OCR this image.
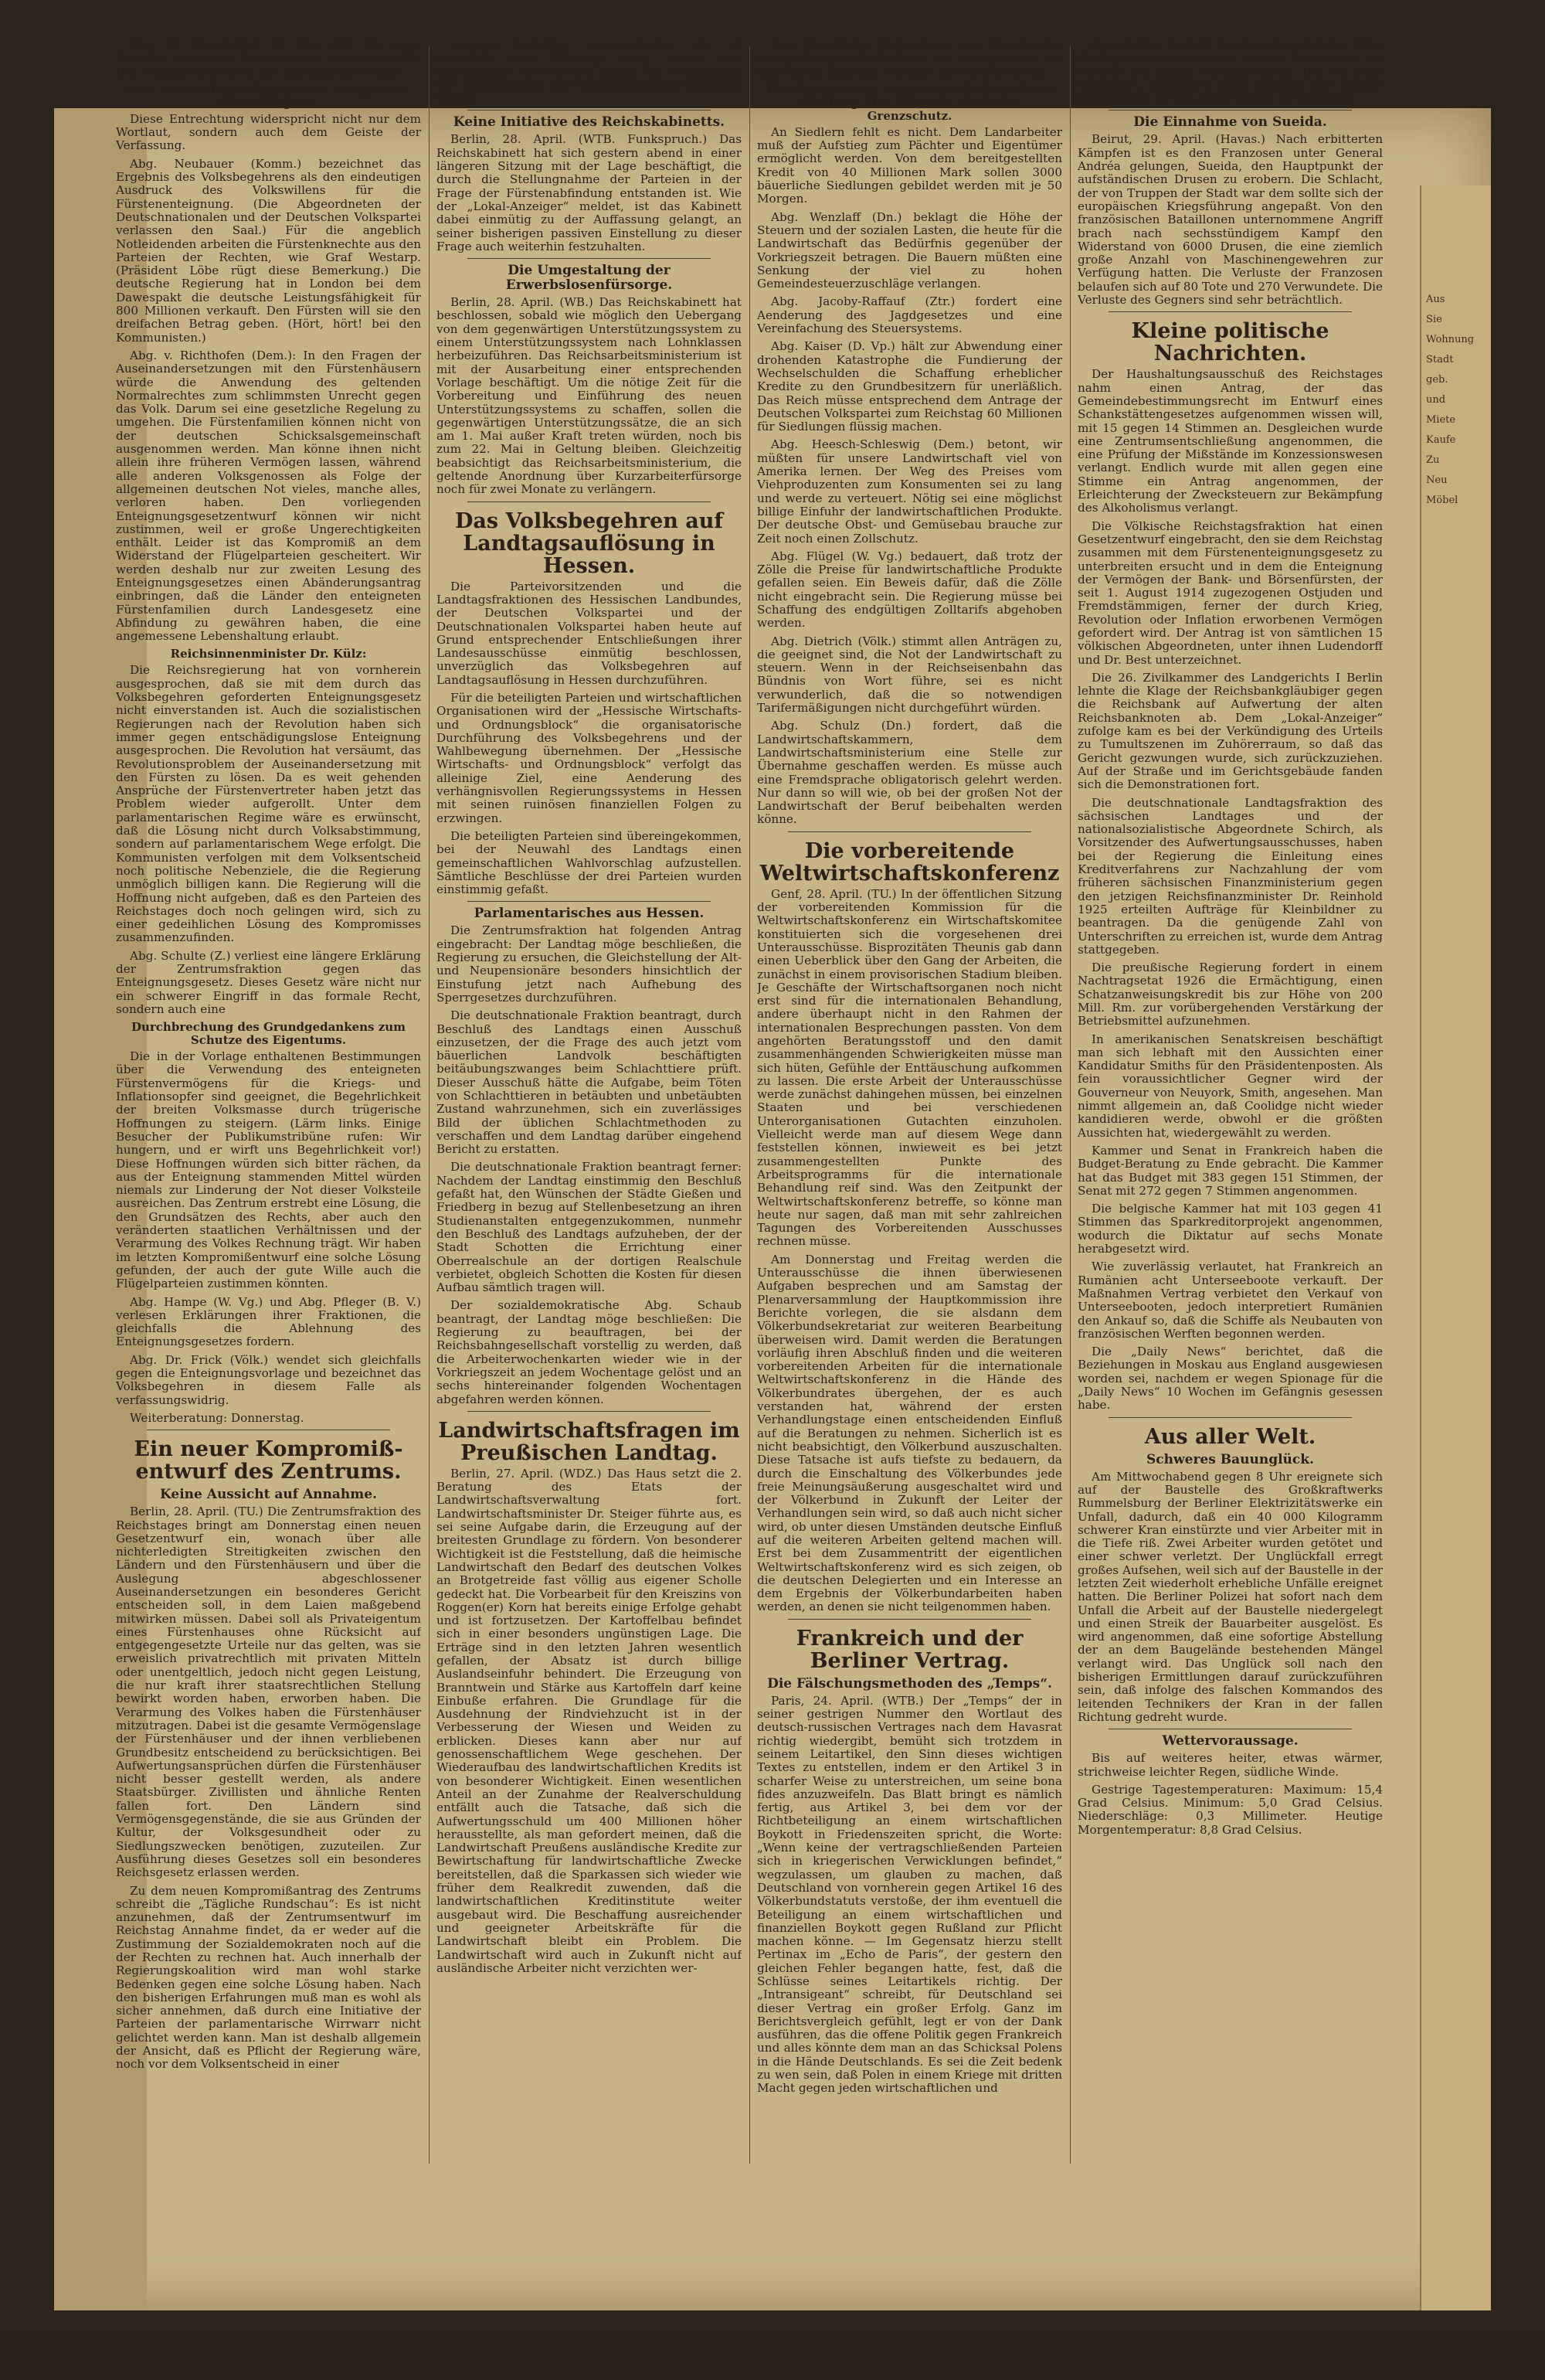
Aus
Sie
Wohnung
Stadt
geb.
und
Miete
Kaufe
Zu
Neu
Möbel

Abg. Dr. Wunderlich (D. Vp.) gibt für seine Fraktion eine kurze Erklärung ab, in der es heißt: Die Volkspartei sieht in der Entrignungsvorlage

eine brutale Entrechtung einer Gruppe von Staatsbürgern.

Diese Entrechtung widerspricht nicht nur dem Wortlaut, sondern auch dem Geiste der Verfassung.

Abg. Neubauer (Komm.) bezeichnet das Ergebnis des Volksbegehrens als den eindeutigen Ausdruck des Volkswillens für die Fürstenenteignung. (Die Abgeordneten der Deutschnationalen und der Deutschen Volkspartei verlassen den Saal.) Für die angeblich Notleidenden arbeiten die Fürstenknechte aus den Parteien der Rechten, wie Graf Westarp. (Präsident Löbe rügt diese Bemerkung.) Die deutsche Regierung hat in London bei dem Dawespakt die deutsche Leistungsfähigkeit für 800 Millionen verkauft. Den Fürsten will sie den dreifachen Betrag geben. (Hört, hört! bei den Kommunisten.)

Abg. v. Richthofen (Dem.): In den Fragen der Auseinandersetzungen mit den Fürstenhäusern würde die Anwendung des geltenden Normalrechtes zum schlimmsten Unrecht gegen das Volk. Darum sei eine gesetzliche Regelung zu umgehen. Die Fürstenfamilien können nicht von der deutschen Schicksalsgemeinschaft ausgenommen werden. Man könne ihnen nicht allein ihre früheren Vermögen lassen, während alle anderen Volksgenossen als Folge der allgemeinen deutschen Not vieles, manche alles, verloren haben. Den vorliegenden Enteignungsgesetzentwurf können wir nicht zustimmen, weil er große Ungerechtigkeiten enthält. Leider ist das Kompromiß an dem Widerstand der Flügelparteien gescheitert. Wir werden deshalb nur zur zweiten Lesung des Enteignungsgesetzes einen Abänderungsantrag einbringen, daß die Länder den enteigneten Fürstenfamilien durch Landesgesetz eine Abfindung zu gewähren haben, die eine angemessene Lebenshaltung erlaubt.

Reichsinnenminister Dr. Külz:

Die Reichsregierung hat von vornherein ausgesprochen, daß sie mit dem durch das Volksbegehren geforderten Enteignungsgesetz nicht einverstanden ist. Auch die sozialistischen Regierungen nach der Revolution haben sich immer gegen entschädigungslose Enteignung ausgesprochen. Die Revolution hat versäumt, das Revolutionsproblem der Auseinandersetzung mit den Fürsten zu lösen. Da es weit gehenden Ansprüche der Fürstenvertreter haben jetzt das Problem wieder aufgerollt. Unter dem parlamentarischen Regime wäre es erwünscht, daß die Lösung nicht durch Volksabstimmung, sondern auf parlamentarischem Wege erfolgt. Die Kommunisten verfolgen mit dem Volksentscheid noch politische Nebenziele, die die Regierung unmöglich billigen kann. Die Regierung will die Hoffnung nicht aufgeben, daß es den Parteien des Reichstages doch noch gelingen wird, sich zu einer gedeihlichen Lösung des Kompromisses zusammenzufinden.

Abg. Schulte (Z.) verliest eine längere Erklärung der Zentrumsfraktion gegen das Enteignungsgesetz. Dieses Gesetz wäre nicht nur ein schwerer Eingriff in das formale Recht, sondern auch eine

Durchbrechung des Grundgedankens zum Schutze des Eigentums.

Die in der Vorlage enthaltenen Bestimmungen über die Verwendung des enteigneten Fürstenvermögens für die Kriegs- und Inflationsopfer sind geeignet, die Begehrlichkeit der breiten Volksmasse durch trügerische Hoffnungen zu steigern. (Lärm links. Einige Besucher der Publikumstribüne rufen: Wir hungern, und er wirft uns Begehrlichkeit vor!) Diese Hoffnungen würden sich bitter rächen, da aus der Enteignung stammenden Mittel würden niemals zur Linderung der Not dieser Volksteile ausreichen. Das Zentrum erstrebt eine Lösung, die den Grundsätzen des Rechts, aber auch den veränderten staatlichen Verhältnissen und der Verarmung des Volkes Rechnung trägt. Wir haben im letzten Kompromißentwurf eine solche Lösung gefunden, der auch der gute Wille auch die Flügelparteien zustimmen könnten.

Abg. Hampe (W. Vg.) und Abg. Pfleger (B. V.) verlesen Erklärungen ihrer Fraktionen, die gleichfalls die Ablehnung des Enteignungsgesetzes fordern.

Abg. Dr. Frick (Völk.) wendet sich gleichfalls gegen die Enteignungsvorlage und bezeichnet das Volksbegehren in diesem Falle als verfassungswidrig.

Weiterberatung: Donnerstag.

Ein neuer Kompromiß-entwurf des Zentrums.
Keine Aussicht auf Annahme.

Berlin, 28. April. (TU.) Die Zentrumsfraktion des Reichstages bringt am Donnerstag einen neuen Gesetzentwurf ein, wonach über alle nichterledigten Streitigkeiten zwischen den Ländern und den Fürstenhäusern und über die Auslegung abgeschlossener Auseinandersetzungen ein besonderes Gericht entscheiden soll, in dem Laien maßgebend mitwirken müssen. Dabei soll als Privateigentum eines Fürstenhauses ohne Rücksicht auf entgegengesetzte Urteile nur das gelten, was sie erweislich privatrechtlich mit privaten Mitteln oder unentgeltlich, jedoch nicht gegen Leistung, die nur kraft ihrer staatsrechtlichen Stellung bewirkt worden haben, erworben haben. Die Verarmung des Volkes haben die Fürstenhäuser mitzutragen. Dabei ist die gesamte Vermögenslage der Fürstenhäuser und der ihnen verbliebenen Grundbesitz entscheidend zu berücksichtigen. Bei Aufwertungsansprüchen dürfen die Fürstenhäuser nicht besser gestellt werden, als andere Staatsbürger. Zivillisten und ähnliche Renten fallen fort. Den Ländern sind Vermögensgegenstände, die sie aus Gründen der Kultur, der Volksgesundheit oder zu Siedlungszwecken benötigen, zuzuteilen. Zur Ausführung dieses Gesetzes soll ein besonderes Reichsgesetz erlassen werden.

Zu dem neuen Kompromißantrag des Zentrums schreibt die „Tägliche Rundschau“: Es ist nicht anzunehmen, daß der Zentrumsentwurf im Reichstag Annahme findet, da er weder auf die Zustimmung der Sozialdemokraten noch auf die der Rechten zu rechnen hat. Auch innerhalb der Regierungskoalition wird man wohl starke Bedenken gegen eine solche Lösung haben. Nach den bisherigen Erfahrungen muß man es wohl als sicher annehmen, daß durch eine Initiative der Parteien der parlamentarische Wirrwarr nicht gelichtet werden kann. Man ist deshalb allgemein der Ansicht, daß es Pflicht der Regierung wäre, noch vor dem Volksentscheid in einer

eigenen Initiative hervorzutreten. Es ist jedenfalls eine Führung nötig, damit eine gemeinsame Abwehrfront gegen die Propaganda der Kommunisten und Sozialdemokraten zustande kommt.

Keine Initiative des Reichskabinetts.

Berlin, 28. April. (WTB. Funkspruch.) Das Reichskabinett hat sich gestern abend in einer längeren Sitzung mit der Lage beschäftigt, die durch die Stellungnahme der Parteien in der Frage der Fürstenabfindung entstanden ist. Wie der „Lokal-Anzeiger“ meldet, ist das Kabinett dabei einmütig zu der Auffassung gelangt, an seiner bisherigen passiven Einstellung zu dieser Frage auch weiterhin festzuhalten.

Die Umgestaltung der Erwerbslosenfürsorge.

Berlin, 28. April. (WB.) Das Reichskabinett hat beschlossen, sobald wie möglich den Uebergang von dem gegenwärtigen Unterstützungssystem zu einem Unterstützungssystem nach Lohnklassen herbeizuführen. Das Reichsarbeitsministerium ist mit der Ausarbeitung einer entsprechenden Vorlage beschäftigt. Um die nötige Zeit für die Vorbereitung und Einführung des neuen Unterstützungssystems zu schaffen, sollen die gegenwärtigen Unterstützungssätze, die an sich am 1. Mai außer Kraft treten würden, noch bis zum 22. Mai in Geltung bleiben. Gleichzeitig beabsichtigt das Reichsarbeitsministerium, die geltende Anordnung über Kurzarbeiterfürsorge noch für zwei Monate zu verlängern.

Das Volksbegehren auf Landtagsauflösung in Hessen.

Die Parteivorsitzenden und die Landtagsfraktionen des Hessischen Landbundes, der Deutschen Volkspartei und der Deutschnationalen Volkspartei haben heute auf Grund entsprechender Entschließungen ihrer Landesausschüsse einmütig beschlossen, unverzüglich das Volksbegehren auf Landtagsauflösung in Hessen durchzuführen.

Für die beteiligten Parteien und wirtschaftlichen Organisationen wird der „Hessische Wirtschafts- und Ordnungsblock“ die organisatorische Durchführung des Volksbegehrens und der Wahlbewegung übernehmen. Der „Hessische Wirtschafts- und Ordnungsblock“ verfolgt das alleinige Ziel, eine Aenderung des verhängnisvollen Regierungssystems in Hessen mit seinen ruinösen finanziellen Folgen zu erzwingen.

Die beteiligten Parteien sind übereingekommen, bei der Neuwahl des Landtags einen gemeinschaftlichen Wahlvorschlag aufzustellen. Sämtliche Beschlüsse der drei Parteien wurden einstimmig gefaßt.

Parlamentarisches aus Hessen.

Die Zentrumsfraktion hat folgenden Antrag eingebracht: Der Landtag möge beschließen, die Regierung zu ersuchen, die Gleichstellung der Alt- und Neupensionäre besonders hinsichtlich der Einstufung jetzt nach Aufhebung des Sperrgesetzes durchzuführen.

Die deutschnationale Fraktion beantragt, durch Beschluß des Landtags einen Ausschuß einzusetzen, der die Frage des auch jetzt vom bäuerlichen Landvolk beschäftigten beitäubungszwanges beim Schlachttiere prüft. Dieser Ausschuß hätte die Aufgabe, beim Töten von Schlachttieren in betäubten und unbetäubten Zustand wahrzunehmen, sich ein zuverlässiges Bild der üblichen Schlachtmethoden zu verschaffen und dem Landtag darüber eingehend Bericht zu erstatten.

Die deutschnationale Fraktion beantragt ferner: Nachdem der Landtag einstimmig den Beschluß gefaßt hat, den Wünschen der Städte Gießen und Friedberg in bezug auf Stellenbesetzung an ihren Studienanstalten entgegenzukommen, nunmehr den Beschluß des Landtags aufzuheben, der der Stadt Schotten die Errichtung einer Oberrealschule an der dortigen Realschule verbietet, obgleich Schotten die Kosten für diesen Aufbau sämtlich tragen will.

Der sozialdemokratische Abg. Schaub beantragt, der Landtag möge beschließen: Die Regierung zu beauftragen, bei der Reichsbahngesellschaft vorstellig zu werden, daß die Arbeiterwochenkarten wieder wie in der Vorkriegszeit an jedem Wochentage gelöst und an sechs hintereinander folgenden Wochentagen abgefahren werden können.

Landwirtschaftsfragen im Preußischen Landtag.

Berlin, 27. April. (WDZ.) Das Haus setzt die 2. Beratung des Etats der Landwirtschaftsverwaltung fort. Landwirtschaftsminister Dr. Steiger führte aus, es sei seine Aufgabe darin, die Erzeugung auf der breitesten Grundlage zu fördern. Von besonderer Wichtigkeit ist die Feststellung, daß die heimische Landwirtschaft den Bedarf des deutschen Volkes an Brotgetreide fast völlig aus eigener Scholle gedeckt hat. Die Vorbearbeit für den Kreiszins von Roggen(er) Korn hat bereits einige Erfolge gehabt und ist fortzusetzen. Der Kartoffelbau befindet sich in einer besonders ungünstigen Lage. Die Erträge sind in den letzten Jahren wesentlich gefallen, der Absatz ist durch billige Auslandseinfuhr behindert. Die Erzeugung von Branntwein und Stärke aus Kartoffeln darf keine Einbuße erfahren. Die Grundlage für die Ausdehnung der Rindviehzucht ist in der Verbesserung der Wiesen und Weiden zu erblicken. Dieses kann aber nur auf genossenschaftlichem Wege geschehen. Der Wiederaufbau des landwirtschaftlichen Kredits ist von besonderer Wichtigkeit. Einen wesentlichen Anteil an der Zunahme der Realverschuldung entfällt auch die Tatsache, daß sich die Aufwertungsschuld um 400 Millionen höher herausstellte, als man gefordert meinen, daß die Landwirtschaft Preußens ausländische Kredite zur Bewirtschaftung für landwirtschaftliche Zwecke bereitstellen, daß die Sparkassen sich wieder wie früher dem Realkredit zuwenden, daß die landwirtschaftlichen Kreditinstitute weiter ausgebaut wird. Die Beschaffung ausreichender und geeigneter Arbeitskräfte für die Landwirtschaft bleibt ein Problem. Die Landwirtschaft wird auch in Zukunft nicht auf ausländische Arbeiter nicht verzichten wer-

den. Gesetzliche Maßnahmen zum Zwecke der zwangsläufigen Festhaltung der Arbeitskräfte auf dem Lande kann der Minister nicht befürworten.

Eine lebenswerte Aufgabe ist die bäuerliche Siedlung. Der Bauer ist der beste Grenzschutz.

An Siedlern fehlt es nicht. Dem Landarbeiter muß der Aufstieg zum Pächter und Eigentümer ermöglicht werden. Von dem bereitgestellten Kredit von 40 Millionen Mark sollen 3000 bäuerliche Siedlungen gebildet werden mit je 50 Morgen.

Abg. Wenzlaff (Dn.) beklagt die Höhe der Steuern und der sozialen Lasten, die heute für die Landwirtschaft das Bedürfnis gegenüber der Vorkriegszeit betragen. Die Bauern müßten eine Senkung der viel zu hohen Gemeindesteuerzuschläge verlangen.

Abg. Jacoby-Raffauf (Ztr.) fordert eine Aenderung des Jagdgesetzes und eine Vereinfachung des Steuersystems.

Abg. Kaiser (D. Vp.) hält zur Abwendung einer drohenden Katastrophe die Fundierung der Wechselschulden die Schaffung erheblicher Kredite zu den Grundbesitzern für unerläßlich. Das Reich müsse entsprechend dem Antrage der Deutschen Volkspartei zum Reichstag 60 Millionen für Siedlungen flüssig machen.

Abg. Heesch-Schleswig (Dem.) betont, wir müßten für unsere Landwirtschaft viel von Amerika lernen. Der Weg des Preises vom Viehproduzenten zum Konsumenten sei zu lang und werde zu verteuert. Nötig sei eine möglichst billige Einfuhr der landwirtschaftlichen Produkte. Der deutsche Obst- und Gemüsebau brauche zur Zeit noch einen Zollschutz.

Abg. Flügel (W. Vg.) bedauert, daß trotz der Zölle die Preise für landwirtschaftliche Produkte gefallen seien. Ein Beweis dafür, daß die Zölle nicht eingebracht sein. Die Regierung müsse bei Schaffung des endgültigen Zolltarifs abgehoben werden.

Abg. Dietrich (Völk.) stimmt allen Anträgen zu, die geeignet sind, die Not der Landwirtschaft zu steuern. Wenn in der Reichseisenbahn das Bündnis von Wort führe, sei es nicht verwunderlich, daß die so notwendigen Tarifermäßigungen nicht durchgeführt würden.

Abg. Schulz (Dn.) fordert, daß die Landwirtschaftskammern, dem Landwirtschaftsministerium eine Stelle zur Übernahme geschaffen werden. Es müsse auch eine Fremdsprache obligatorisch gelehrt werden. Nur dann so will wie, ob bei der großen Not der Landwirtschaft der Beruf beibehalten werden könne.

Die vorbereitende Weltwirtschaftskonferenz

Genf, 28. April. (TU.) In der öffentlichen Sitzung der vorbereitenden Kommission für die Weltwirtschaftskonferenz ein Wirtschaftskomitee konstituierten sich die vorgesehenen drei Unterausschüsse. Bisprozitäten Theunis gab dann einen Ueberblick über den Gang der Arbeiten, die zunächst in einem provisorischen Stadium bleiben. Je Geschäfte der Wirtschaftsorganen noch nicht erst sind für die internationalen Behandlung, andere überhaupt nicht in den Rahmen der internationalen Besprechungen passten. Von dem angehörten Beratungsstoff und den damit zusammenhängenden Schwierigkeiten müsse man sich hüten, Gefühle der Enttäuschung aufkommen zu lassen. Die erste Arbeit der Unterausschüsse werde zunächst dahingehen müssen, bei einzelnen Staaten und bei verschiedenen Unterorganisationen Gutachten einzuholen. Vielleicht werde man auf diesem Wege dann feststellen können, inwieweit es bei jetzt zusammengestellten Punkte des Arbeitsprogramms für die internationale Behandlung reif sind. Was den Zeitpunkt der Weltwirtschaftskonferenz betreffe, so könne man heute nur sagen, daß man mit sehr zahlreichen Tagungen des Vorbereitenden Ausschusses rechnen müsse.

Am Donnerstag und Freitag werden die Unterausschüsse die ihnen überwiesenen Aufgaben besprechen und am Samstag der Plenarversammlung der Hauptkommission ihre Berichte vorlegen, die sie alsdann dem Völkerbundsekretariat zur weiteren Bearbeitung überweisen wird. Damit werden die Beratungen vorläufig ihren Abschluß finden und die weiteren vorbereitenden Arbeiten für die internationale Weltwirtschaftskonferenz in die Hände des Völkerbundrates übergehen, der es auch verstanden hat, während der ersten Verhandlungstage einen entscheidenden Einfluß auf die Beratungen zu nehmen. Sicherlich ist es nicht beabsichtigt, den Völkerbund auszuschalten. Diese Tatsache ist aufs tiefste zu bedauern, da durch die Einschaltung des Völkerbundes jede freie Meinungsäußerung ausgeschaltet wird und der Völkerbund in Zukunft der Leiter der Verhandlungen sein wird, so daß auch nicht sicher wird, ob unter diesen Umständen deutsche Einfluß auf die weiteren Arbeiten geltend machen will. Erst bei dem Zusammentritt der eigentlichen Weltwirtschaftskonferenz wird es sich zeigen, ob die deutschen Delegierten und ein Interesse an dem Ergebnis der Völkerbundarbeiten haben werden, an denen sie nicht teilgenommen haben.

Frankreich und der Berliner Vertrag.
Die Fälschungsmethoden des „Temps“.

Paris, 24. April. (WTB.) Der „Temps“ der in seiner gestrigen Nummer den Wortlaut des deutsch-russischen Vertrages nach dem Havasrat richtig wiedergibt, bemüht sich trotzdem in seinem Leitartikel, den Sinn dieses wichtigen Textes zu entstellen, indem er den Artikel 3 in scharfer Weise zu unterstreichen, um seine bona fides anzuzweifeln. Das Blatt bringt es nämlich fertig, aus Artikel 3, bei dem vor der Richtbeteiligung an einem wirtschaftlichen Boykott in Friedenszeiten spricht, die Worte: „Wenn keine der vertragschließenden Parteien sich in kriegerischen Verwicklungen befindet,“ wegzulassen, um glauben zu machen, daß Deutschland von vornherein gegen Artikel 16 des Völkerbundstatuts verstoße, der ihm eventuell die Beteiligung an einem wirtschaftlichen und finanziellen Boykott gegen Rußland zur Pflicht machen könne. — Im Gegensatz hierzu stellt Pertinax im „Echo de Paris“, der gestern den gleichen Fehler begangen hatte, fest, daß die Schlüsse seines Leitartikels richtig. Der „Intransigeant“ schreibt, für Deutschland sei dieser Vertrag ein großer Erfolg. Ganz im Berichtsvergleich gefühlt, legt er von der Dank ausführen, das die offene Politik gegen Frankreich und alles könnte dem man an das Schicksal Polens in die Hände Deutschlands. Es sei die Zeit bedenk zu wen sein, daß Polen in einem Kriege mit dritten Macht gegen jeden wirtschaftlichen und

finanziellen Boykott durch andere Länder. Man dürfe jedoch nicht mutlos werden. Man wisse die Antwort auf diesen Vertrag suchen. Das sei nicht unmöglich, besonders wenn England sich endlich entschließe, die deutsche Gefahr zu verstehen.

Die Einnahme von Sueida.

Beirut, 29. April. (Havas.) Nach erbitterten Kämpfen ist es den Franzosen unter General Andréa gelungen, Sueida, den Hauptpunkt der aufständischen Drusen zu erobern. Die Schlacht, der von Truppen der Stadt war dem sollte sich der europäischen Kriegsführung angepaßt. Von den französischen Bataillonen unternommene Angriff brach nach sechsstündigem Kampf den Widerstand von 6000 Drusen, die eine ziemlich große Anzahl von Maschinengewehren zur Verfügung hatten. Die Verluste der Franzosen belaufen sich auf 80 Tote und 270 Verwundete. Die Verluste des Gegners sind sehr beträchtlich.

Kleine politische Nachrichten.

Der Haushaltungsausschuß des Reichstages nahm einen Antrag, der das Gemeindebestimmungsrecht im Entwurf eines Schankstättengesetzes aufgenommen wissen will, mit 15 gegen 14 Stimmen an. Desgleichen wurde eine Zentrumsentschließung angenommen, die eine Prüfung der Mißstände im Konzessionswesen verlangt. Endlich wurde mit allen gegen eine Stimme ein Antrag angenommen, der Erleichterung der Zwecksteuern zur Bekämpfung des Alkoholismus verlangt.

Die Völkische Reichstagsfraktion hat einen Gesetzentwurf eingebracht, den sie dem Reichstag zusammen mit dem Fürstenenteignungsgesetz zu unterbreiten ersucht und in dem die Enteignung der Vermögen der Bank- und Börsenfürsten, der seit 1. August 1914 zugezogenen Ostjuden und Fremdstämmigen, ferner der durch Krieg, Revolution oder Inflation erworbenen Vermögen gefordert wird. Der Antrag ist von sämtlichen 15 völkischen Abgeordneten, unter ihnen Ludendorff und Dr. Best unterzeichnet.

Die 26. Zivilkammer des Landgerichts I Berlin lehnte die Klage der Reichsbankgläubiger gegen die Reichsbank auf Aufwertung der alten Reichsbanknoten ab. Dem „Lokal-Anzeiger“ zufolge kam es bei der Verkündigung des Urteils zu Tumultszenen im Zuhörerraum, so daß das Gericht gezwungen wurde, sich zurückzuziehen. Auf der Straße und im Gerichtsgebäude fanden sich die Demonstrationen fort.

Die deutschnationale Landtagsfraktion des sächsischen Landtages und der nationalsozialistische Abgeordnete Schirch, als Vorsitzender des Aufwertungsausschusses, haben bei der Regierung die Einleitung eines Kreditverfahrens zur Nachzahlung der vom früheren sächsischen Finanzministerium gegen den jetzigen Reichsfinanzminister Dr. Reinhold 1925 erteilten Aufträge für Kleinbildner zu beantragen. Da die genügende Zahl von Unterschriften zu erreichen ist, wurde dem Antrag stattgegeben.

Die preußische Regierung fordert in einem Nachtragsetat 1926 die Ermächtigung, einen Schatzanweisungskredit bis zur Höhe von 200 Mill. Rm. zur vorübergehenden Verstärkung der Betriebsmittel aufzunehmen.

In amerikanischen Senatskreisen beschäftigt man sich lebhaft mit den Aussichten einer Kandidatur Smiths für den Präsidentenposten. Als fein voraussichtlicher Gegner wird der Gouverneur von Neuyork, Smith, angesehen. Man nimmt allgemein an, daß Coolidge nicht wieder kandidieren werde, obwohl er die größten Aussichten hat, wiedergewählt zu werden.

Kammer und Senat in Frankreich haben die Budget-Beratung zu Ende gebracht. Die Kammer hat das Budget mit 383 gegen 151 Stimmen, der Senat mit 272 gegen 7 Stimmen angenommen.

Die belgische Kammer hat mit 103 gegen 41 Stimmen das Sparkreditorprojekt angenommen, wodurch die Diktatur auf sechs Monate herabgesetzt wird.

Wie zuverlässig verlautet, hat Frankreich an Rumänien acht Unterseeboote verkauft. Der Maßnahmen Vertrag verbietet den Verkauf von Unterseebooten, jedoch interpretiert Rumänien den Ankauf so, daß die Schiffe als Neubauten von französischen Werften begonnen werden.

Die „Daily News“ berichtet, daß die Beziehungen in Moskau aus England ausgewiesen worden sei, nachdem er wegen Spionage für die „Daily News“ 10 Wochen im Gefängnis gesessen habe.

Aus aller Welt.
Schweres Bauunglück.

Am Mittwochabend gegen 8 Uhr ereignete sich auf der Baustelle des Großkraftwerks Rummelsburg der Berliner Elektrizitätswerke ein Unfall, dadurch, daß ein 40 000 Kilogramm schwerer Kran einstürzte und vier Arbeiter mit in die Tiefe riß. Zwei Arbeiter wurden getötet und einer schwer verletzt. Der Unglückfall erregt großes Aufsehen, weil sich auf der Baustelle in der letzten Zeit wiederholt erhebliche Unfälle ereignet hatten. Die Berliner Polizei hat sofort nach dem Unfall die Arbeit auf der Baustelle niedergelegt und einen Streik der Bauarbeiter ausgelöst. Es wird angenommen, daß eine sofortige Abstellung der an dem Baugelände bestehenden Mängel verlangt wird. Das Unglück soll nach den bisherigen Ermittlungen darauf zurückzuführen sein, daß infolge des falschen Kommandos des leitenden Technikers der Kran in der fallen Richtung gedreht wurde.

Wettervoraussage.

Bis auf weiteres heiter, etwas wärmer, strichweise leichter Regen, südliche Winde.

Gestrige Tagestemperaturen: Maximum: 15,4 Grad Celsius. Minimum: 5,0 Grad Celsius. Niederschläge: 0,3 Millimeter. Heutige Morgentemperatur: 8,8 Grad Celsius.
